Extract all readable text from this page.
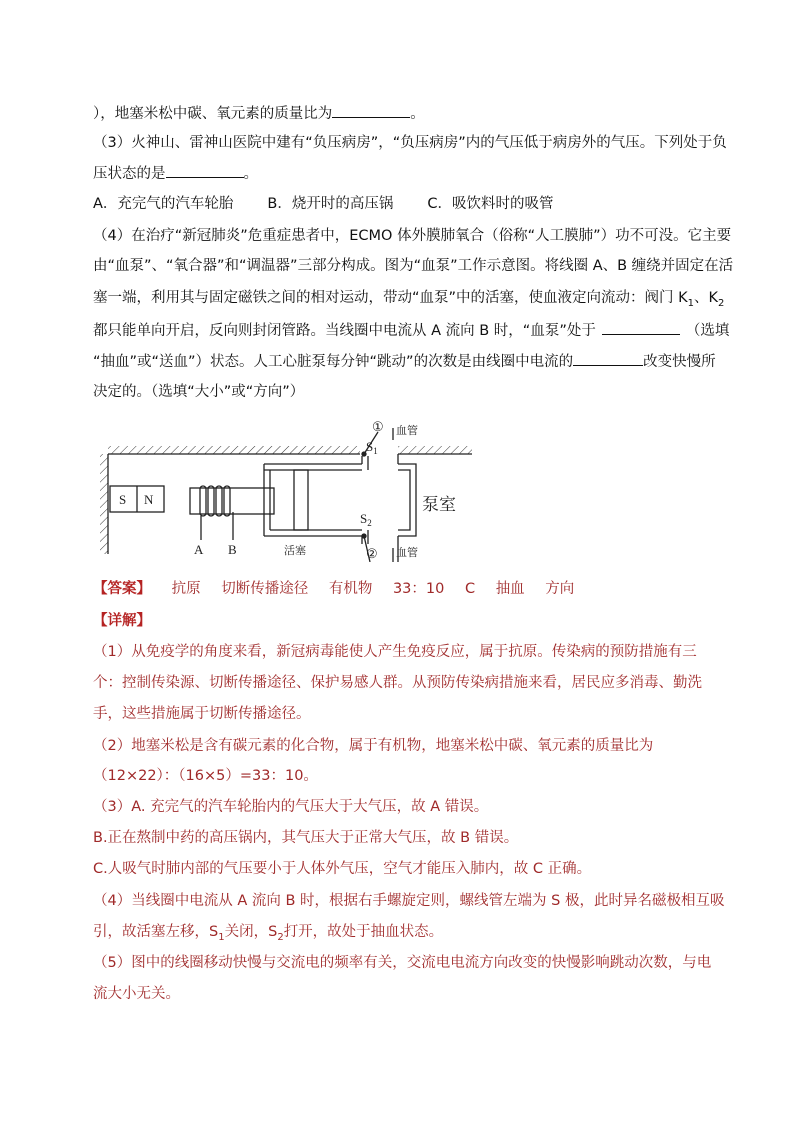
），地塞米松中碳、氧元素的质量比为	。
（3）火神山、雷神山医院中建有“负压病房”，“负压病房”内的气压低于病房外的气压。下列处于负
压状态的是	。
A．充完气的汽车轮胎 B．烧开时的高压锅 C．吸饮料时的吸管
（4）在治疗“新冠肺炎”危重症患者中，ECMO 体外膜肺氧合（俗称“人工膜肺”）功不可没。它主要
由“血泵”、“氧合器”和“调温器”三部分构成。图为“血泵”工作示意图。将线圈 A、B 缠绕并固定在活
塞一端，利用其与固定磁铁之间的相对运动，带动“血泵”中的活塞，使血液定向流动：阀门 $K_1$、$K_2$
都只能单向开启，反向则封闭管路。当线圈中电流从 A 流向 B 时，“血泵”处于	（选填
“抽血”或“送血”）状态。人工心脏泵每分钟“跳动”的次数是由线圈中电流的	改变快慢所
决定的。（选填“大小”或“方向”）
S N
A B	活塞
①
$S_1$
血管
$S_2$
② 血管
泵室
【答案】 抗原 切断传播途径 有机物 33：10 C 抽血 方向
【详解】
（1）从免疫学的角度来看，新冠病毒能使人产生免疫反应，属于抗原。传染病的预防措施有三
个：控制传染源、切断传播途径、保护易感人群。从预防传染病措施来看，居民应多消毒、勤洗
手，这些措施属于切断传播途径。
（2）地塞米松是含有碳元素的化合物，属于有机物，地塞米松中碳、氧元素的质量比为
（12×22）：（16×5）=33：10。
（3）A. 充完气的汽车轮胎内的气压大于大气压，故 A 错误。
B.正在熬制中药的高压锅内，其气压大于正常大气压，故 B 错误。
C.人吸气时肺内部的气压要小于人体外气压，空气才能压入肺内，故 C 正确。
（4）当线圈中电流从 A 流向 B 时，根据右手螺旋定则，螺线管左端为 S 极，此时异名磁极相互吸
引，故活塞左移，$S_1$关闭，$S_2$打开，故处于抽血状态。
（5）图中的线圈移动快慢与交流电的频率有关，交流电电流方向改变的快慢影响跳动次数，与电
流大小无关。
